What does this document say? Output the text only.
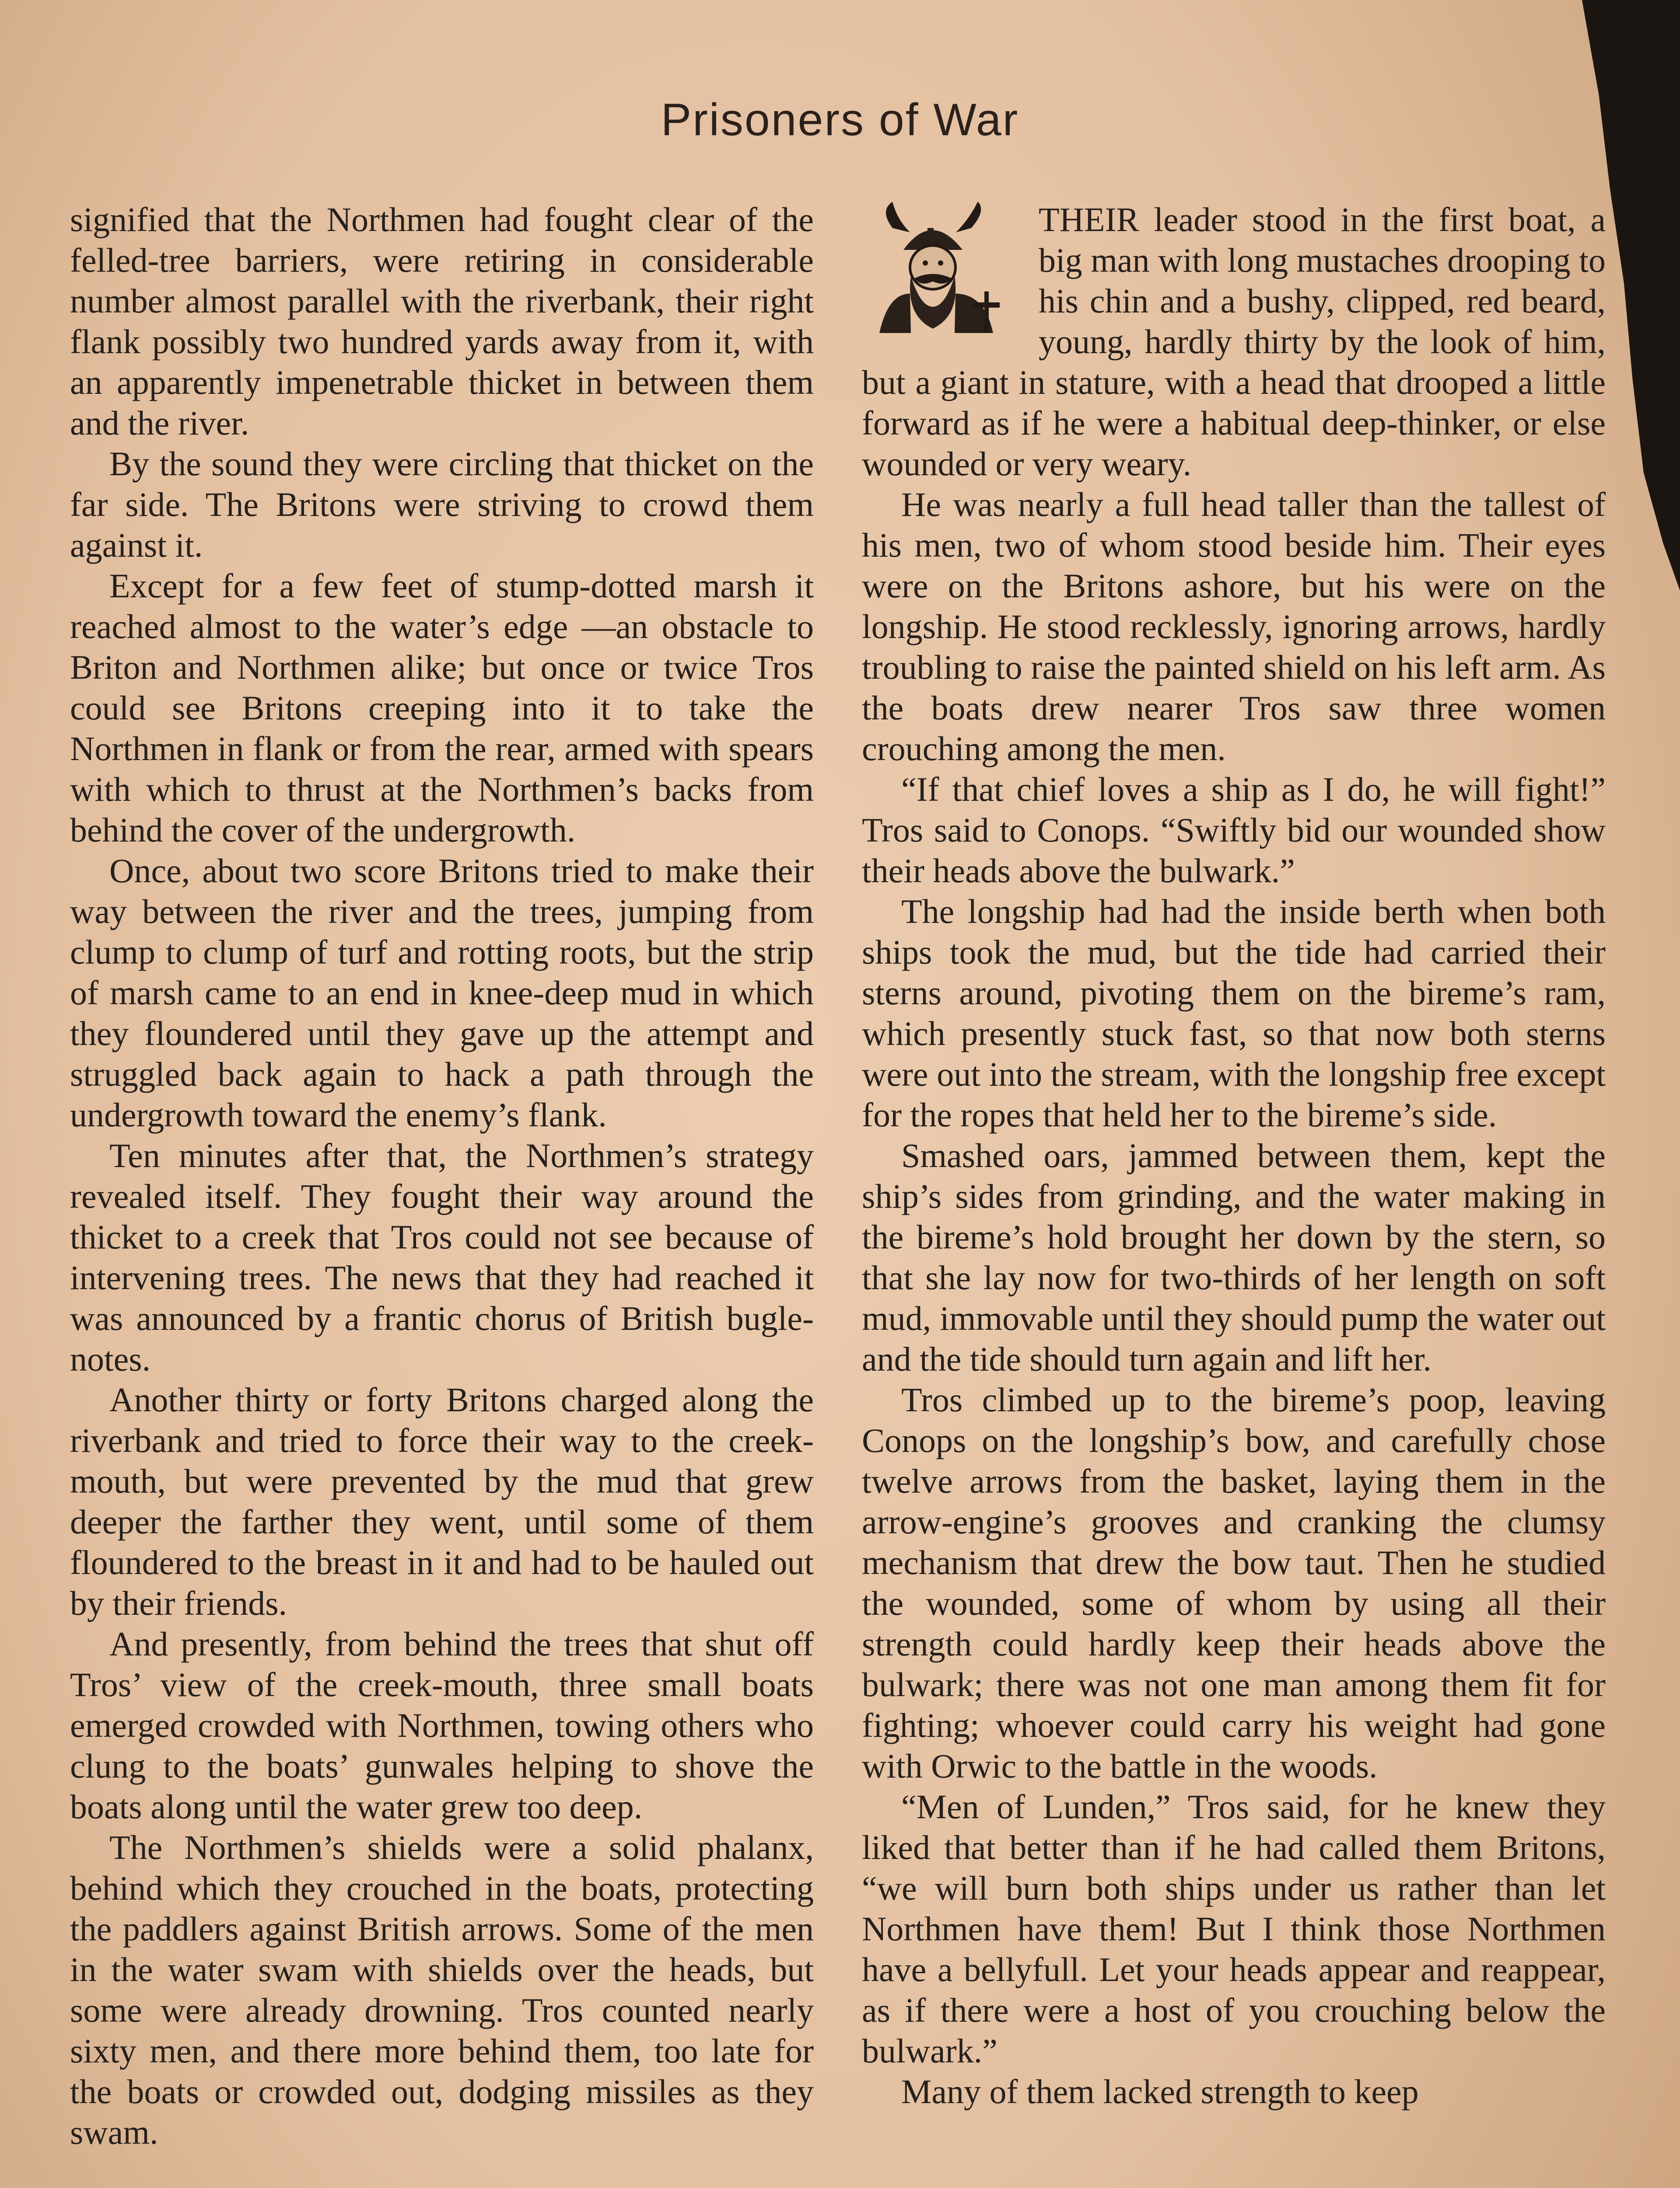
Prisoners of War

signified that the Northmen had fought clear of the felled-tree barriers, were retiring in considerable number almost parallel with the riverbank, their right flank possibly two hundred yards away from it, with an apparently impenetrable thicket in between them and the river.

By the sound they were circling that thicket on the far side. The Britons were striving to crowd them against it.

Except for a few feet of stump-dotted marsh it reached almost to the water’s edge —an obstacle to Briton and Northmen alike; but once or twice Tros could see Britons creeping into it to take the Northmen in flank or from the rear, armed with spears with which to thrust at the Northmen’s backs from behind the cover of the undergrowth.

Once, about two score Britons tried to make their way between the river and the trees, jumping from clump to clump of turf and rotting roots, but the strip of marsh came to an end in knee-deep mud in which they floundered until they gave up the attempt and struggled back again to hack a path through the undergrowth toward the enemy’s flank.

Ten minutes after that, the Northmen’s strategy revealed itself. They fought their way around the thicket to a creek that Tros could not see because of intervening trees. The news that they had reached it was announced by a frantic chorus of British bugle-notes.

Another thirty or forty Britons charged along the riverbank and tried to force their way to the creek-mouth, but were prevented by the mud that grew deeper the farther they went, until some of them floundered to the breast in it and had to be hauled out by their friends.

And presently, from behind the trees that shut off Tros’ view of the creek-mouth, three small boats emerged crowded with Northmen, towing others who clung to the boats’ gunwales helping to shove the boats along until the water grew too deep.

The Northmen’s shields were a solid phalanx, behind which they crouched in the boats, protecting the paddlers against British arrows. Some of the men in the water swam with shields over the heads, but some were already drowning. Tros counted nearly sixty men, and there more behind them, too late for the boats or crowded out, dodging missiles as they swam.

THEIR leader stood in the first boat, a big man with long mustaches drooping to his chin and a bushy, clipped, red beard, young, hardly thirty by the look of him, but a giant in stature, with a head that drooped a little forward as if he were a habitual deep-thinker, or else wounded or very weary.

He was nearly a full head taller than the tallest of his men, two of whom stood beside him. Their eyes were on the Britons ashore, but his were on the longship. He stood recklessly, ignoring arrows, hardly troubling to raise the painted shield on his left arm. As the boats drew nearer Tros saw three women crouching among the men.

“If that chief loves a ship as I do, he will fight!” Tros said to Conops. “Swiftly bid our wounded show their heads above the bulwark.”

The longship had had the inside berth when both ships took the mud, but the tide had carried their sterns around, pivoting them on the bireme’s ram, which presently stuck fast, so that now both sterns were out into the stream, with the longship free except for the ropes that held her to the bireme’s side.

Smashed oars, jammed between them, kept the ship’s sides from grinding, and the water making in the bireme’s hold brought her down by the stern, so that she lay now for two-thirds of her length on soft mud, immovable until they should pump the water out and the tide should turn again and lift her.

Tros climbed up to the bireme’s poop, leaving Conops on the longship’s bow, and carefully chose twelve arrows from the basket, laying them in the arrow-engine’s grooves and cranking the clumsy mechanism that drew the bow taut. Then he studied the wounded, some of whom by using all their strength could hardly keep their heads above the bulwark; there was not one man among them fit for fighting; whoever could carry his weight had gone with Orwic to the battle in the woods.

“Men of Lunden,” Tros said, for he knew they liked that better than if he had called them Britons, “we will burn both ships under us rather than let Northmen have them! But I think those Northmen have a bellyfull. Let your heads appear and reappear, as if there were a host of you crouching below the bulwark.”

Many of them lacked strength to keep
